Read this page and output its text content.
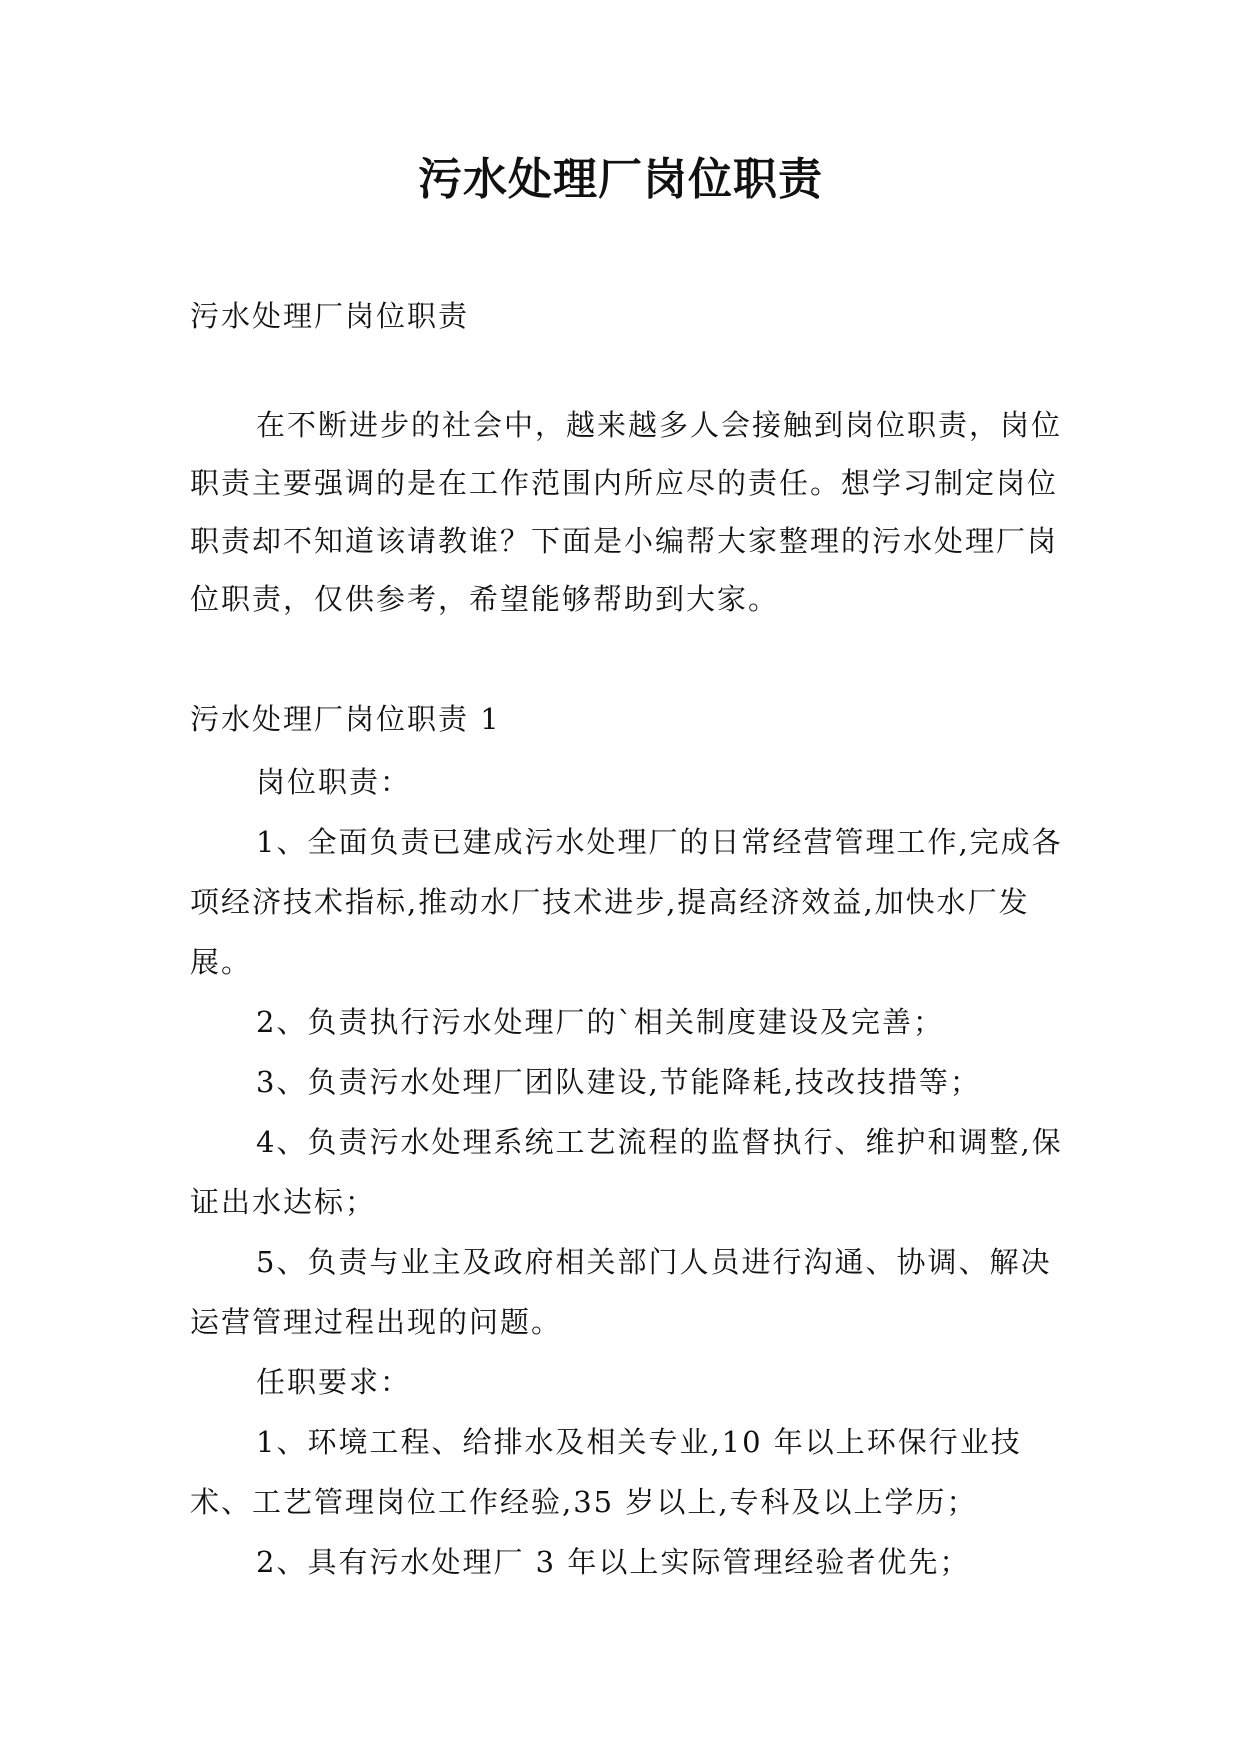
污水处理厂岗位职责
污水处理厂岗位职责
在不断进步的社会中，越来越多人会接触到岗位职责，岗位职责主要强调的是在工作范围内所应尽的责任。想学习制定岗位职责却不知道该请教谁？下面是小编帮大家整理的污水处理厂岗位职责，仅供参考，希望能够帮助到大家。
污水处理厂岗位职责 1

岗位职责：

1、全面负责已建成污水处理厂的日常经营管理工作,完成各项经济技术指标,推动水厂技术进步,提高经济效益,加快水厂发展。

2、负责执行污水处理厂的`相关制度建设及完善；

3、负责污水处理厂团队建设,节能降耗,技改技措等；

4、负责污水处理系统工艺流程的监督执行、维护和调整,保证出水达标；

5、负责与业主及政府相关部门人员进行沟通、协调、解决运营管理过程出现的问题。

任职要求：

1、环境工程、给排水及相关专业,10 年以上环保行业技术、工艺管理岗位工作经验,35 岁以上,专科及以上学历；

2、具有污水处理厂 3 年以上实际管理经验者优先；
